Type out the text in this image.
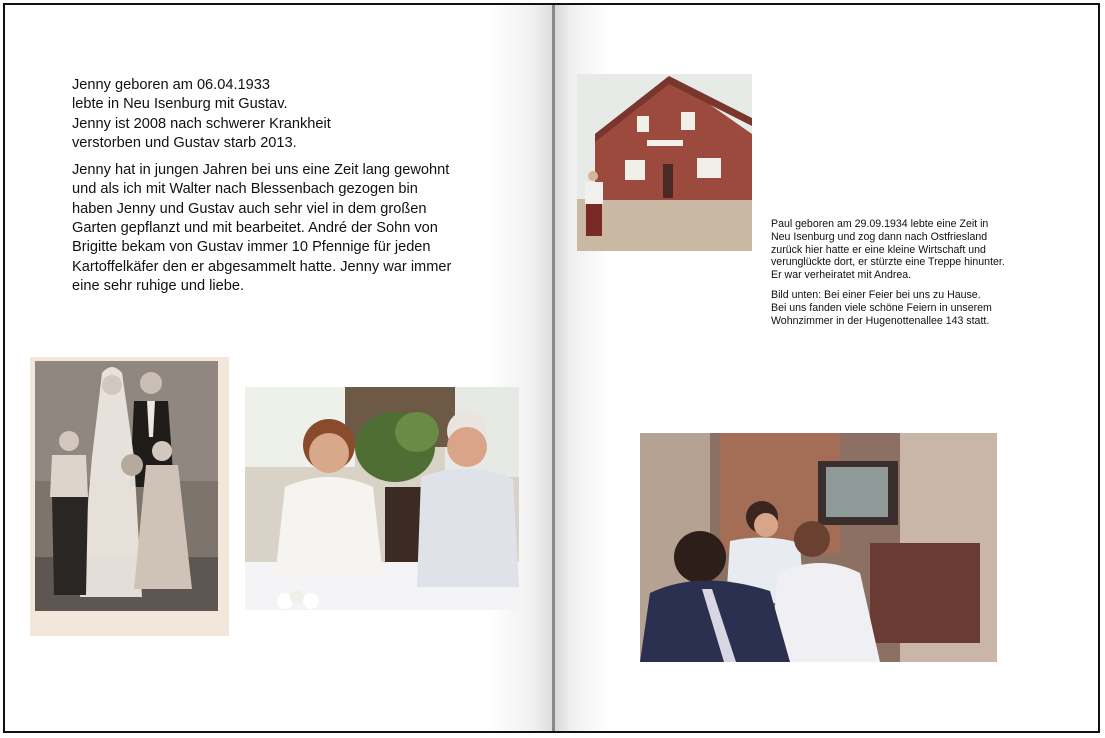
Jenny geboren am 06.04.1933
lebte in Neu Isenburg mit Gustav.
Jenny ist 2008 nach schwerer Krankheit
verstorben und Gustav starb 2013.

Jenny hat in jungen Jahren bei uns eine Zeit lang gewohnt
und als ich mit Walter nach Blessenbach gezogen bin
haben Jenny und Gustav auch sehr viel in dem großen
Garten gepflanzt und mit bearbeitet. André der Sohn von
Brigitte bekam von Gustav immer 10 Pfennige für jeden
Kartoffelkäfer den er abgesammelt hatte. Jenny war immer
eine sehr ruhige und liebe.

Paul geboren am 29.09.1934 lebte eine Zeit in
Neu Isenburg und zog dann nach Ostfriesland
zurück hier hatte er eine kleine Wirtschaft und
verunglückte dort, er stürzte eine Treppe hinunter.
Er war verheiratet mit Andrea.

Bild unten: Bei einer Feier bei uns zu Hause.
Bei uns fanden viele schöne Feiern in unserem
Wohnzimmer in der Hugenottenallee 143 statt.
